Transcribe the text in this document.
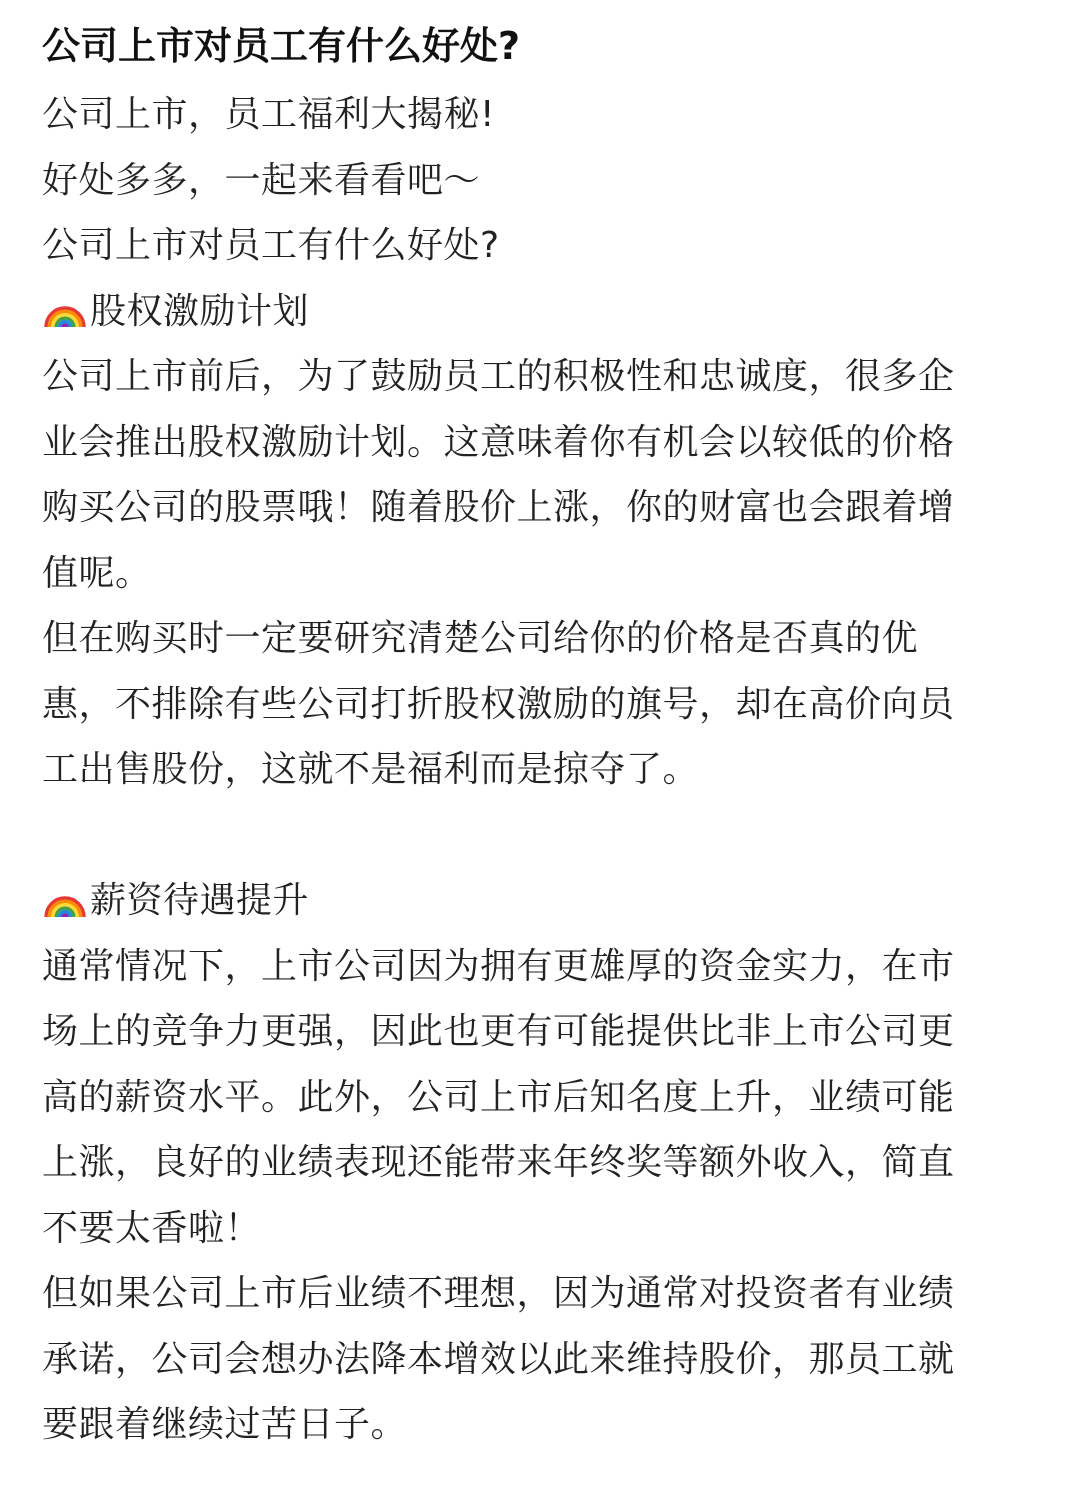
公司上市对员工有什么好处?
公司上市，员工福利大揭秘!
好处多多，一起来看看吧～
公司上市对员工有什么好处?
股权激励计划
公司上市前后，为了鼓励员工的积极性和忠诚度，很多企
业会推出股权激励计划。这意味着你有机会以较低的价格
购买公司的股票哦！随着股价上涨，你的财富也会跟着增
值呢。
但在购买时一定要研究清楚公司给你的价格是否真的优
惠，不排除有些公司打折股权激励的旗号，却在高价向员
工出售股份，这就不是福利而是掠夺了。
薪资待遇提升
通常情况下，上市公司因为拥有更雄厚的资金实力，在市
场上的竞争力更强，因此也更有可能提供比非上市公司更
高的薪资水平。此外，公司上市后知名度上升，业绩可能
上涨，良好的业绩表现还能带来年终奖等额外收入，简直
不要太香啦！
但如果公司上市后业绩不理想，因为通常对投资者有业绩
承诺，公司会想办法降本增效以此来维持股价，那员工就
要跟着继续过苦日子。
